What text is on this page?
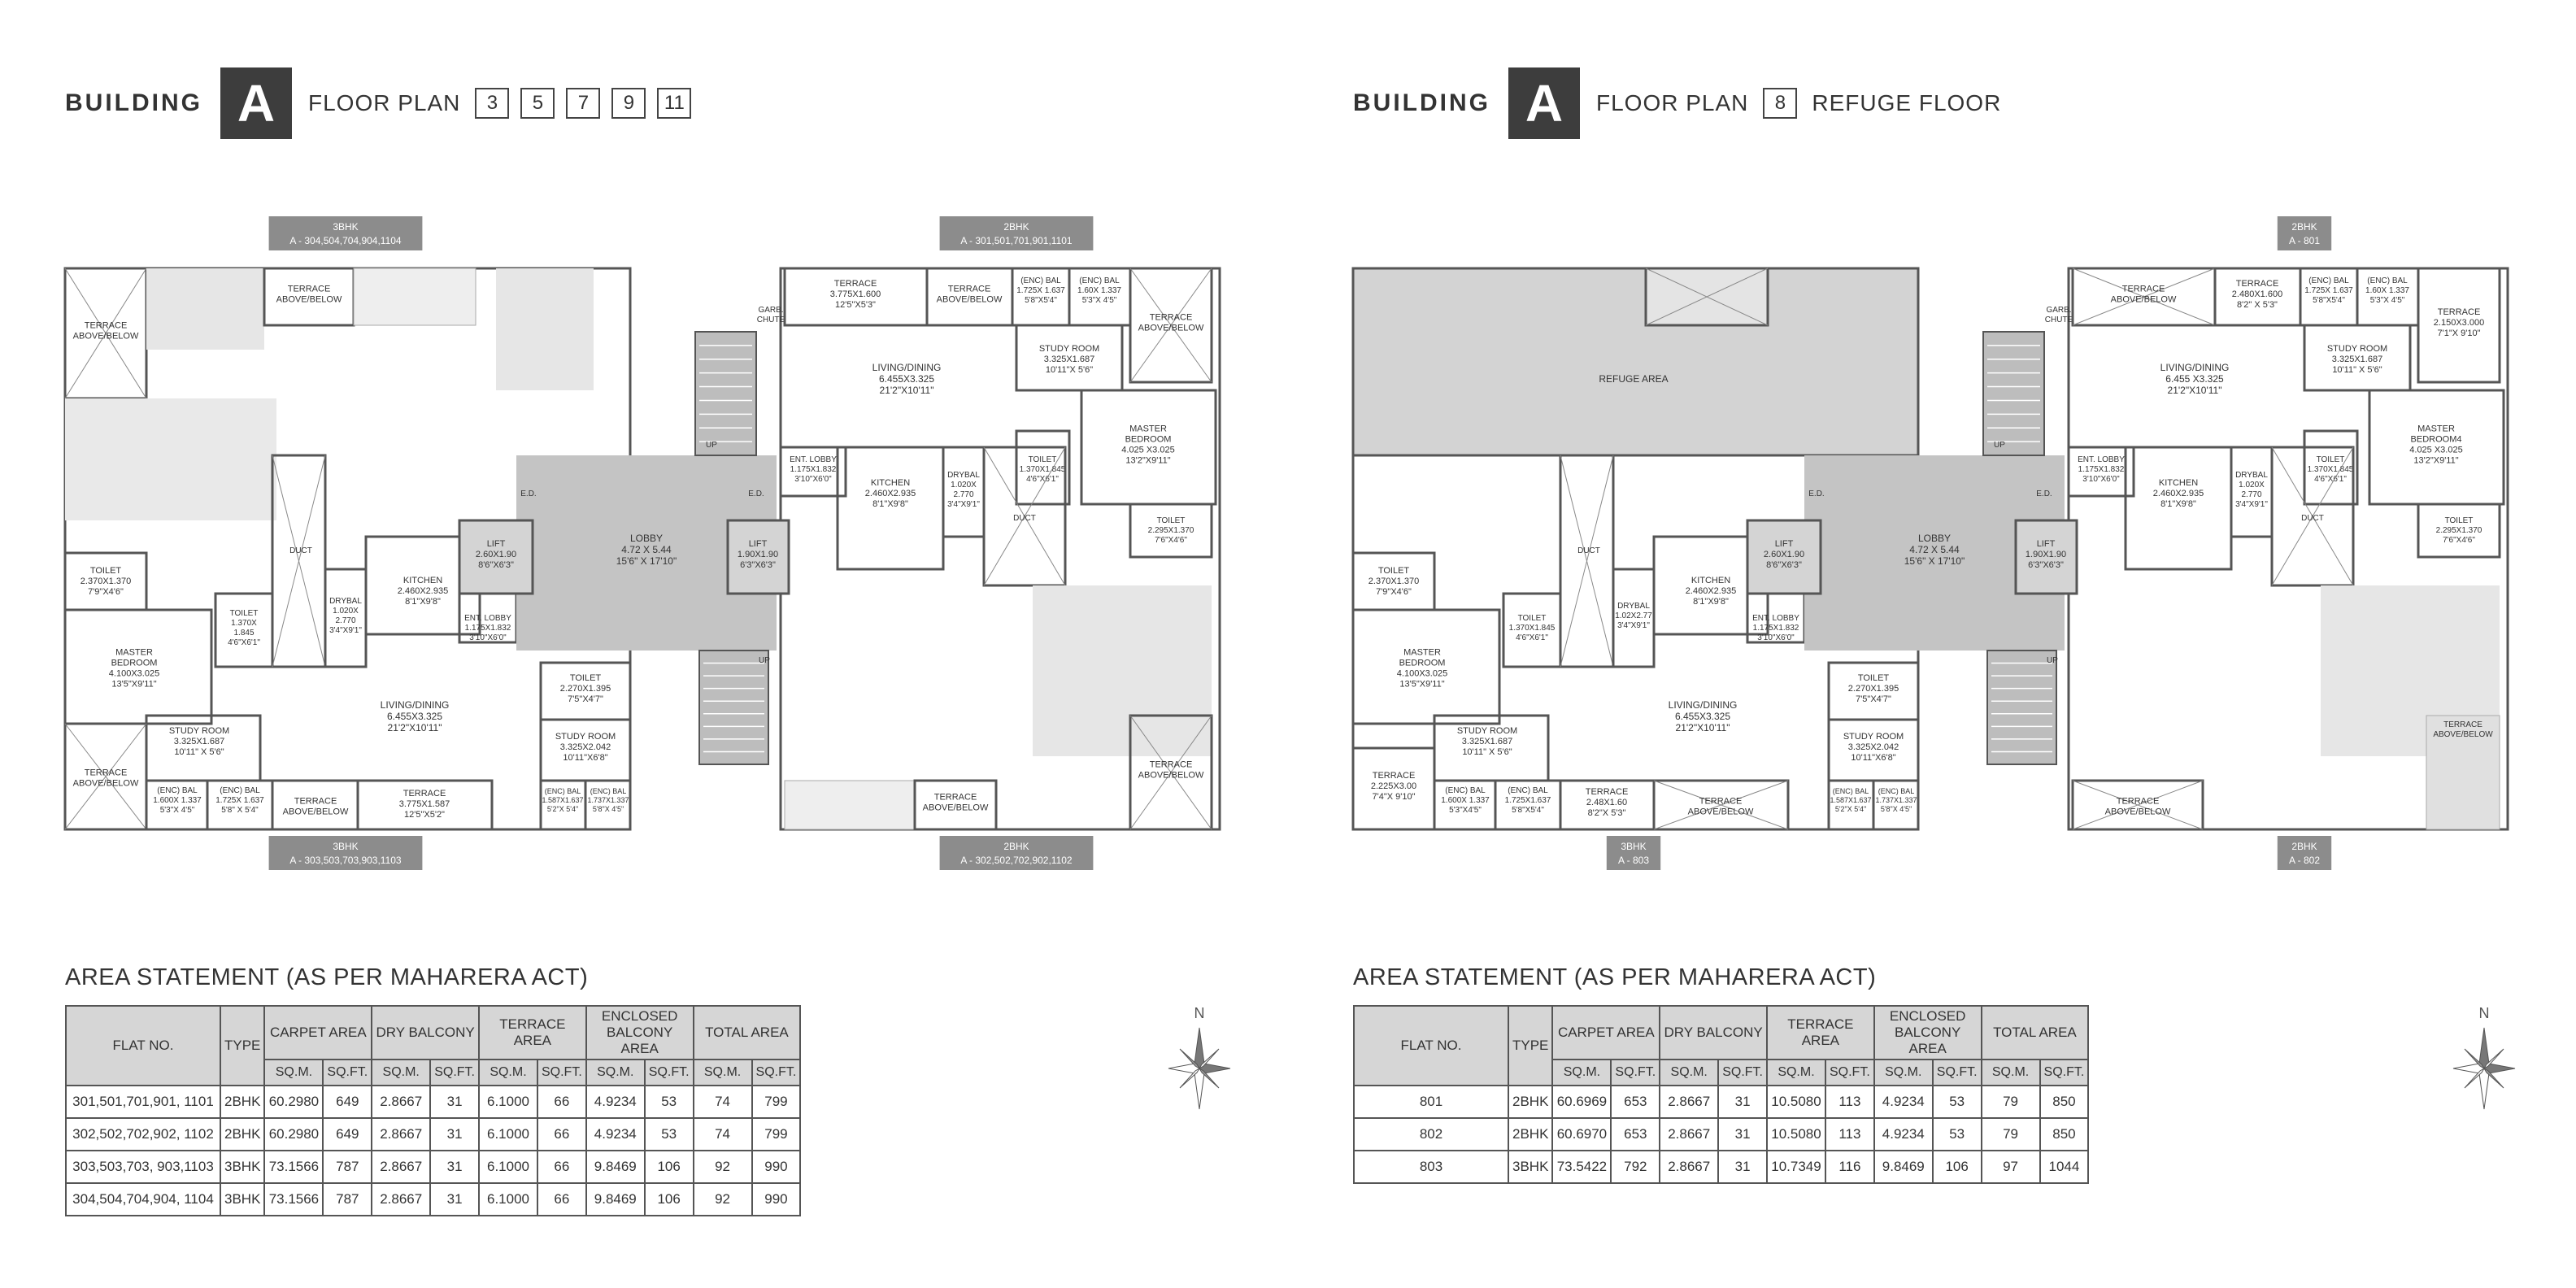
BUILDING A	FLOOR PLAN	3	5	7	9	11
TERRACE
ABOVE/BELOW
TERRACE
ABOVE/BELOW
TOILET
2.370X1.370
7'9"X4'6"
MASTER
BEDROOM
4.100X3.025
13'5"X9'11"
TOILET
1.370X
1.845
4'6"X6'1"
DUCT
DRYBAL
1.020X
2.770
3'4"X9'1"
KITCHEN
2.460X2.935
8'1"X9'8"
ENT. LOBBY
1.175X1.832
3'10"X6'0"
LIVING/DINING
6.455X3.325
21'2"X10'11"
STUDY ROOM
3.325X1.687
10'11" X 5'6"
TERRACE
ABOVE/BELOW
(ENC) BAL
1.600X 1.337
5'3"X 4'5"
(ENC) BAL
1.725X 1.637
5'8" X 5'4"
TERRACE
ABOVE/BELOW
TERRACE
3.775X1.587
12'5"X5'2"
TOILET
2.270X1.395
7'5"X4'7"
STUDY ROOM
3.325X2.042
10'11"X6'8"
(ENC) BAL
1.587X1.637
5'2"X 5'4"
(ENC) BAL
1.737X1.337
5'8"X 4'5"
LIFT
2.60X1.90
8'6"X6'3"
LOBBY
4.72 X 5.44
15'6" X 17'10"
LIFT
1.90X1.90
6'3"X6'3"
UP
UP
E.D.	E.D.
GARB.
CHUTE
TERRACE
3.775X1.600
12'5"X5'3"
TERRACE
ABOVE/BELOW
(ENC) BAL
1.725X 1.637
5'8"X5'4"
(ENC) BAL
1.60X 1.337
5'3"X 4'5"
TERRACE
ABOVE/BELOW
LIVING/DINING
6.455X3.325
21'2"X10'11"
STUDY ROOM
3.325X1.687
10'11"X 5'6"
MASTER
BEDROOM
4.025 X3.025
13'2"X9'11"
ENT. LOBBY
1.175X1.832
3'10"X6'0"	KITCHEN
2.460X2.935
8'1"X9'8"
DRYBAL
1.020X
2.770
3'4"X9'1"
TOILET
1.370X1.845
4'6"X6'1"
DUCT	TOILET
2.295X1.370
7'6"X4'6"
TERRACE
ABOVE/BELOW
TERRACE
ABOVE/BELOW
3BHK
A - 304,504,704,904,1104
2BHK
A - 301,501,701,901,1101
3BHK
A - 303,503,703,903,1103
2BHK
A - 302,502,702,902,1102
AREA STATEMENT (AS PER MAHARERA ACT)
FLAT NO.	TYPE	CARPET AREA		DRY BALCONY		TERRACE AREA		ENCLOSED BALCONY AREA		TOTAL AREA	
		SQ.M.	SQ.FT.	SQ.M.	SQ.FT.	SQ.M.	SQ.FT.	SQ.M.	SQ.FT.	SQ.M.	SQ.FT.
301,501,701,901, 1101	2BHK	60.2980	649	2.8667	31	6.1000	66	4.9234	53	74	799
302,502,702,902, 1102	2BHK	60.2980	649	2.8667	31	6.1000	66	4.9234	53	74	799
303,503,703, 903,1103	3BHK	73.1566	787	2.8667	31	6.1000	66	9.8469	106	92	990
304,504,704,904, 1104	3BHK	73.1566	787	2.8667	31	6.1000	66	9.8469	106	92	990
N
BUILDING A	FLOOR PLAN	8	REFUGE FLOOR
REFUGE AREA
TOILET
2.370X1.370
7'9"X4'6"
MASTER
BEDROOM
4.100X3.025
13'5"X9'11"
TOILET
1.370X1.845
4'6"X6'1"
DUCT
DRYBAL
1.02X2.77
3'4"X9'1"
KITCHEN
2.460X2.935
8'1"X9'8"
ENT. LOBBY
1.175X1.832
3'10"X6'0"
LIVING/DINING
6.455X3.325
21'2"X10'11"
TERRACE
2.225X3.00
7'4"X 9'10"
STUDY ROOM
3.325X1.687
10'11" X 5'6"
(ENC) BAL
1.600X 1.337
5'3"X4'5"
(ENC) BAL
1.725X1.637
5'8"X5'4"
TERRACE
2.48X1.60
8'2"X 5'3"
TERRACE
ABOVE/BELOW
TOILET
2.270X1.395
7'5"X4'7"
STUDY ROOM
3.325X2.042
10'11"X6'8"
(ENC) BAL
1.587X1.637
5'2"X 5'4"
(ENC) BAL
1.737X1.337
5'8"X 4'5"
LIFT
2.60X1.90
8'6"X6'3"
LOBBY
4.72 X 5.44
15'6" X 17'10"
LIFT
1.90X1.90
6'3"X6'3"
UP
UP
E.D.	E.D.
GARB.
CHUTE
TERRACE
ABOVE/BELOW
TERRACE
2.480X1.600
8'2" X 5'3"
(ENC) BAL
1.725X 1.637
5'8"X5'4"
(ENC) BAL
1.60X 1.337
5'3"X 4'5"
TERRACE
2.150X3.000
7'1"X 9'10"
LIVING/DINING
6.455 X3.325
21'2"X10'11"
STUDY ROOM
3.325X1.687
10'11" X 5'6"
MASTER
BEDROOM4
4.025 X3.025
13'2"X9'11"
ENT. LOBBY
1.175X1.832
3'10"X6'0"	KITCHEN
2.460X2.935
8'1"X9'8"
DRYBAL
1.020X
2.770
3'4"X9'1"
TOILET
1.370X1.845
4'6"X6'1"
DUCT	TOILET
2.295X1.370
7'6"X4'6"
TERRACE
ABOVE/BELOW
TERRACE
ABOVE/BELOW
2BHK
A - 801
3BHK
A - 803
2BHK
A - 802
AREA STATEMENT (AS PER MAHARERA ACT)
FLAT NO.	TYPE	CARPET AREA		DRY BALCONY		TERRACE AREA		ENCLOSED BALCONY AREA		TOTAL AREA	
		SQ.M.	SQ.FT.	SQ.M.	SQ.FT.	SQ.M.	SQ.FT.	SQ.M.	SQ.FT.	SQ.M.	SQ.FT.
801	2BHK	60.6969	653	2.8667	31	10.5080	113	4.9234	53	79	850
802	2BHK	60.6970	653	2.8667	31	10.5080	113	4.9234	53	79	850
803	3BHK	73.5422	792	2.8667	31	10.7349	116	9.8469	106	97	1044
N
